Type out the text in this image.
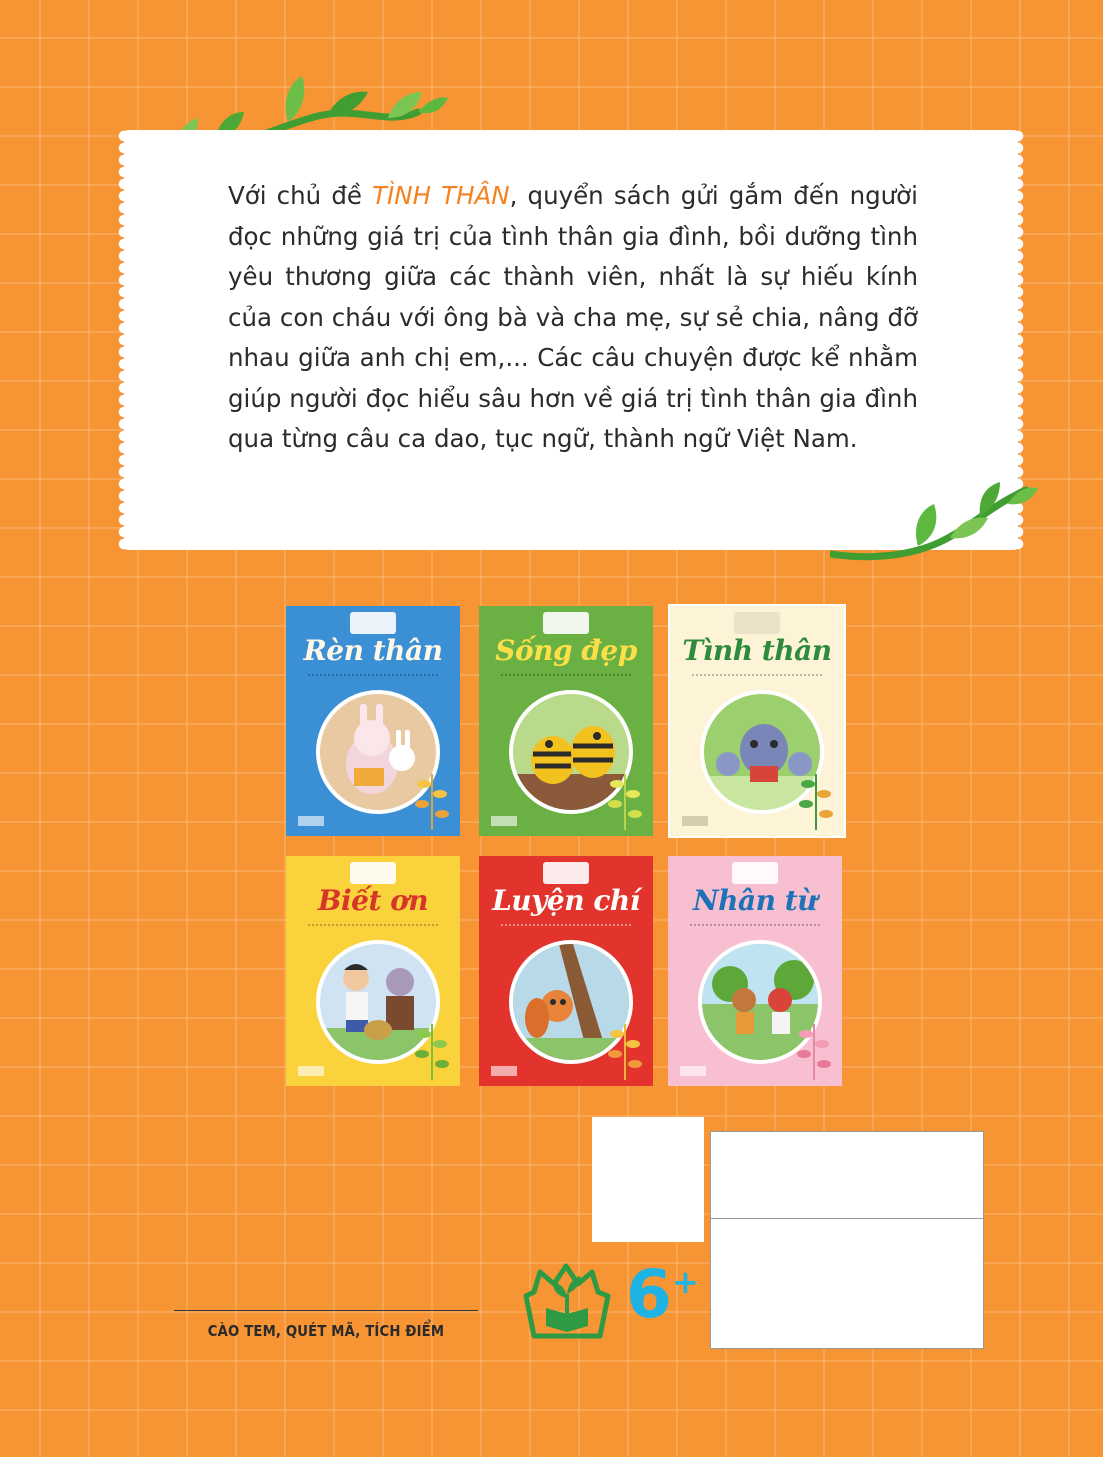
Với chủ đề TÌNH THÂN, quyển sách gửi gắm đến người đọc những giá trị của tình thân gia đình, bồi dưỡng tình yêu thương giữa các thành viên, nhất là sự hiếu kính của con cháu với ông bà và cha mẹ, sự sẻ chia, nâng đỡ nhau giữa anh chị em,... Các câu chuyện được kể nhằm giúp người đọc hiểu sâu hơn về giá trị tình thân gia đình qua từng câu ca dao, tục ngữ, thành ngữ Việt Nam.
Rèn thân	Sống đẹp	Tình thân
Biết ơn	Luyện chí	Nhân từ
CÀO TEM, QUÉT MÃ, TÍCH ĐIỂM	6+
